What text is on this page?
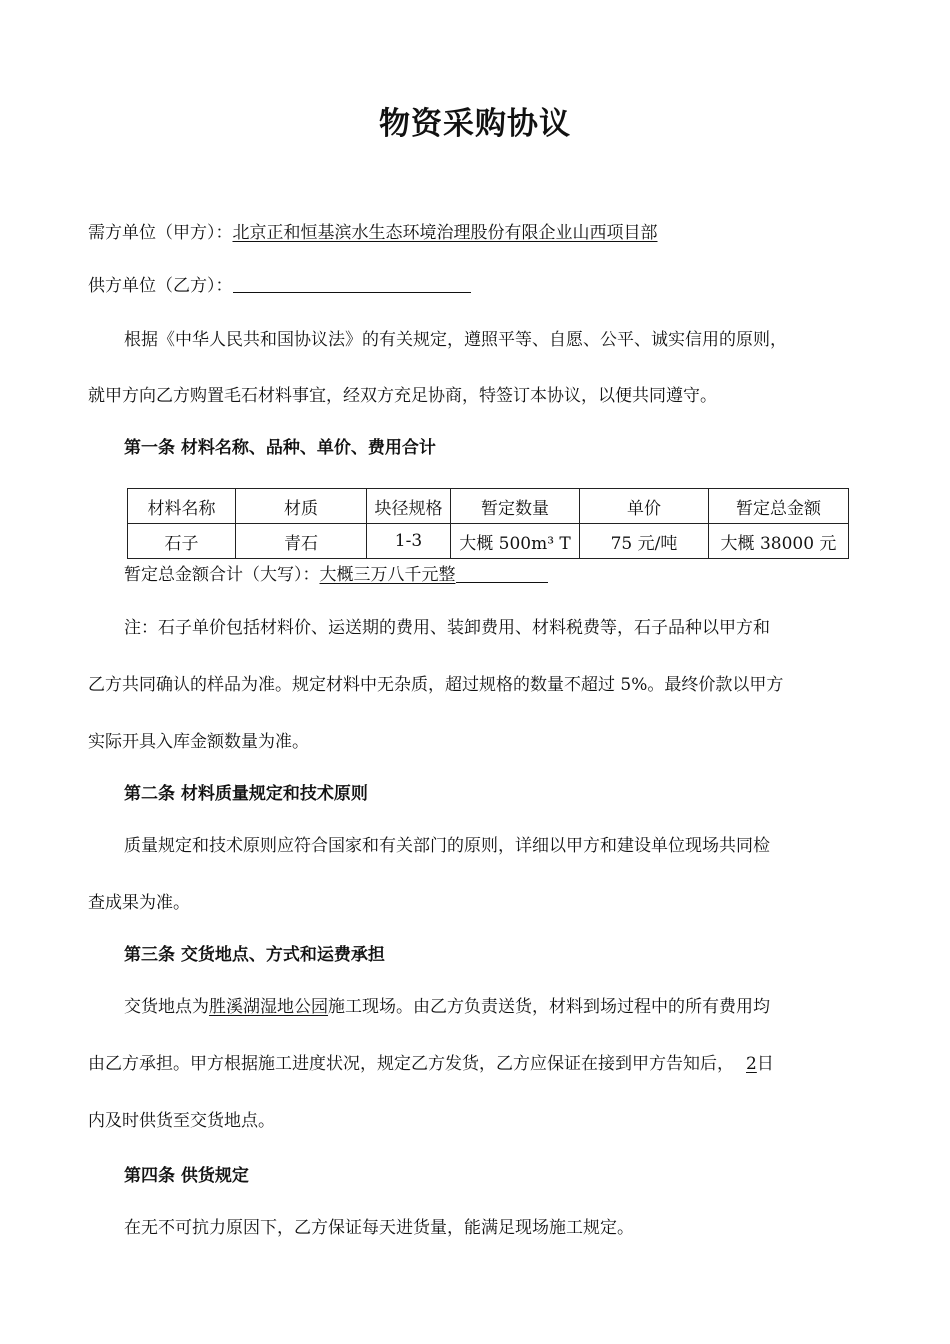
物资采购协议
需方单位（甲方）：北京正和恒基滨水生态环境治理股份有限企业山西项目部
供方单位（乙方）：
根据《中华人民共和国协议法》的有关规定，遵照平等、自愿、公平、诚实信用的原则，
就甲方向乙方购置毛石材料事宜，经双方充足协商，特签订本协议，以便共同遵守。
第一条 材料名称、品种、单价、费用合计
材料名称	材质	块径规格	暂定数量	单价	暂定总金额
石子	青石	1-3	大概 500m³ T	75 元/吨	大概 38000 元
暂定总金额合计（大写）：大概三万八千元整
注：石子单价包括材料价、运送期的费用、装卸费用、材料税费等，石子品种以甲方和
乙方共同确认的样品为准。规定材料中无杂质，超过规格的数量不超过 5%。最终价款以甲方
实际开具入库金额数量为准。
第二条 材料质量规定和技术原则
质量规定和技术原则应符合国家和有关部门的原则，详细以甲方和建设单位现场共同检
查成果为准。
第三条 交货地点、方式和运费承担
交货地点为胜溪湖湿地公园施工现场。由乙方负责送货，材料到场过程中的所有费用均
由乙方承担。甲方根据施工进度状况，规定乙方发货，乙方应保证在接到甲方告知后， 2日
内及时供货至交货地点。
第四条 供货规定
在无不可抗力原因下，乙方保证每天进货量，能满足现场施工规定。
